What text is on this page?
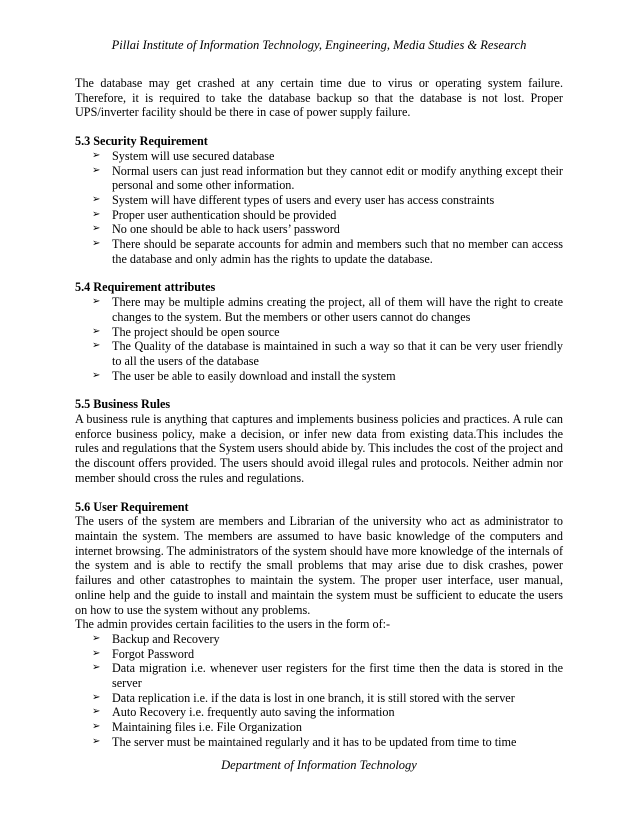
Pillai Institute of Information Technology, Engineering, Media Studies & Research

The database may get crashed at any certain time due to virus or operating system failure. Therefore, it is required to take the database backup so that the database is not lost. Proper UPS/inverter facility should be there in case of power supply failure.

5.3 Security Requirement

➢ System will use secured database
➢ Normal users can just read information but they cannot edit or modify anything except their personal and some other information.
➢ System will have different types of users and every user has access constraints
➢ Proper user authentication should be provided
➢ No one should be able to hack users’ password
➢ There should be separate accounts for admin and members such that no member can access the database and only admin has the rights to update the database.

5.4 Requirement attributes

➢ There may be multiple admins creating the project, all of them will have the right to create changes to the system. But the members or other users cannot do changes
➢ The project should be open source
➢ The Quality of the database is maintained in such a way so that it can be very user friendly to all the users of the database
➢ The user be able to easily download and install the system

5.5 Business Rules

A business rule is anything that captures and implements business policies and practices. A rule can enforce business policy, make a decision, or infer new data from existing data.This includes the rules and regulations that the System users should abide by. This includes the cost of the project and the discount offers provided. The users should avoid illegal rules and protocols. Neither admin nor member should cross the rules and regulations.

5.6 User Requirement

The users of the system are members and Librarian of the university who act as administrator to maintain the system. The members are assumed to have basic knowledge of the computers and internet browsing. The administrators of the system should have more knowledge of the internals of the system and is able to rectify the small problems that may arise due to disk crashes, power failures and other catastrophes to maintain the system. The proper user interface, user manual, online help and the guide to install and maintain the system must be sufficient to educate the users on how to use the system without any problems.

The admin provides certain facilities to the users in the form of:-

➢ Backup and Recovery
➢ Forgot Password
➢ Data migration i.e. whenever user registers for the first time then the data is stored in the server
➢ Data replication i.e. if the data is lost in one branch, it is still stored with the server
➢ Auto Recovery i.e. frequently auto saving the information
➢ Maintaining files i.e. File Organization
➢ The server must be maintained regularly and it has to be updated from time to time
Department of Information Technology
